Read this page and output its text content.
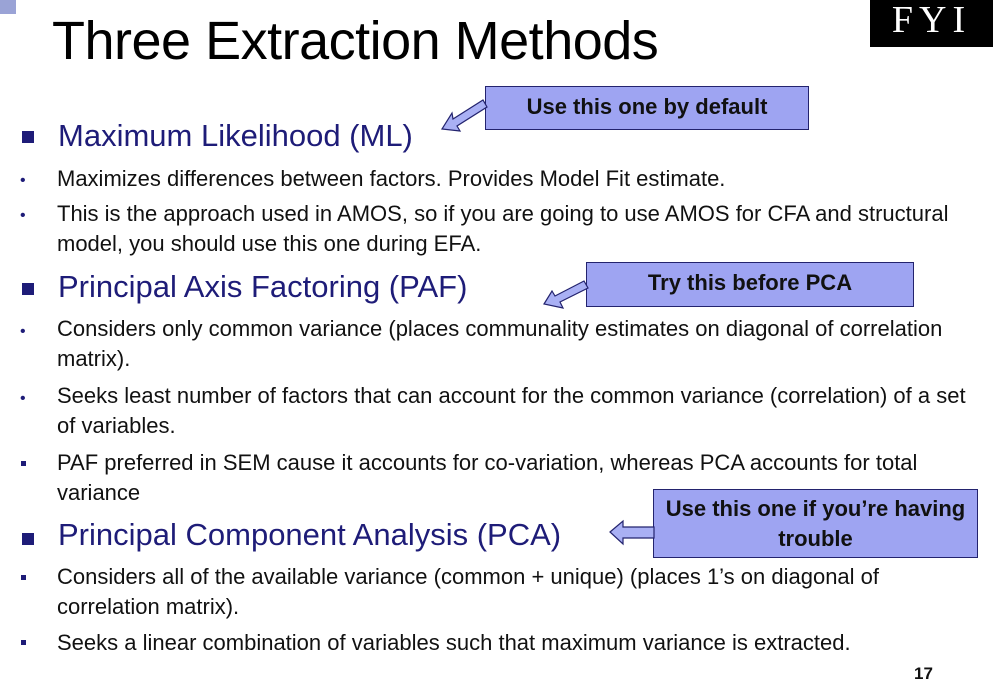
Three Extraction Methods	FYI
Maximum Likelihood (ML)
Use this one by default
• Maximizes differences between factors. Provides Model Fit estimate.

• This is the approach used in AMOS, so if you are going to use AMOS for CFA and structural model, you should use this one during EFA.

Principal Axis Factoring (PAF)	Try this before PCA
• Considers only common variance (places communality estimates on diagonal of correlation matrix).

• Seeks least number of factors that can account for the common variance (correlation) of a set of variables.

PAF preferred in SEM cause it accounts for co-variation, whereas PCA accounts for total variance

Principal Component Analysis (PCA)
Use this one if you’re having trouble

Considers all of the available variance (common + unique) (places 1’s on diagonal of correlation matrix).

Seeks a linear combination of variables such that maximum variance is extracted.

17
